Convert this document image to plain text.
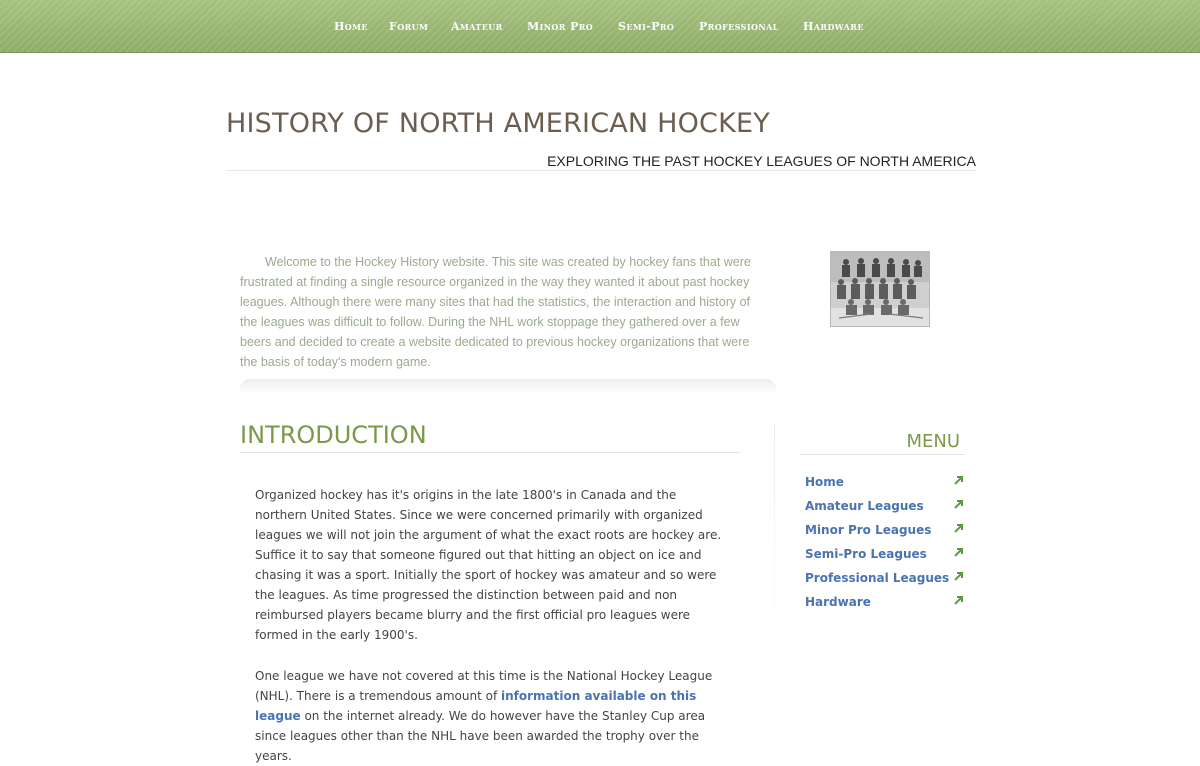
Home Forum Amateur Minor Pro Semi-Pro Professional Hardware
HISTORY OF NORTH AMERICAN HOCKEY

EXPLORING THE PAST HOCKEY LEAGUES OF NORTH AMERICA

Welcome to the Hockey History website. This site was created by hockey fans that were frustrated at finding a single resource organized in the way they wanted it about past hockey leagues. Although there were many sites that had the statistics, the interaction and history of the leagues was difficult to follow. During the NHL work stoppage they gathered over a few beers and decided to create a website dedicated to previous hockey organizations that were the basis of today's modern game.

INTRODUCTION

Organized hockey has it's origins in the late 1800's in Canada and the northern United States. Since we were concerned primarily with organized leagues we will not join the argument of what the exact roots are hockey are. Suffice it to say that someone figured out that hitting an object on ice and chasing it was a sport. Initially the sport of hockey was amateur and so were the leagues. As time progressed the distinction between paid and non reimbursed players became blurry and the first official pro leagues were formed in the early 1900's.

One league we have not covered at this time is the National Hockey League (NHL). There is a tremendous amount of information available on this league on the internet already. We do however have the Stanley Cup area since leagues other than the NHL have been awarded the trophy over the years.

MENU
Home
Amateur Leagues
Minor Pro Leagues
Semi-Pro Leagues
Professional Leagues
Hardware
